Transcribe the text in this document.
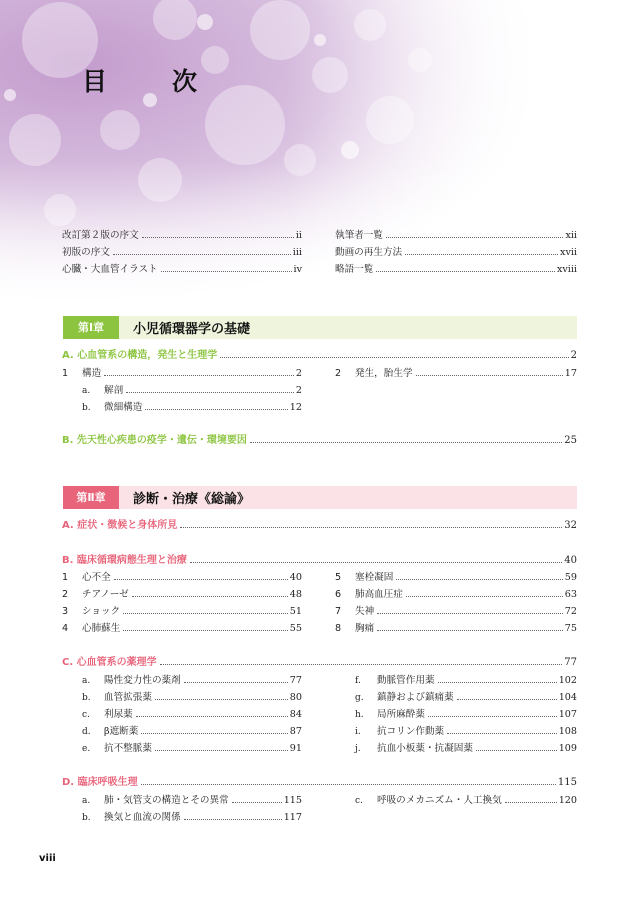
目　次
改訂第２版の序文	ii
初版の序文	iii
心臓・大血管イラスト	iv
執筆者一覧	xii
動画の再生方法	xvii
略語一覧	xviii
第Ⅰ章	小児循環器学の基礎
A. 心血管系の構造，発生と生理学	2
1 構造	2
a. 解剖	2
b. 微細構造	12
2 発生，胎生学	17
B. 先天性心疾患の疫学・遺伝・環境要因	25
第Ⅱ章	診断・治療《総論》
A. 症状・徴候と身体所見	32
B. 臨床循環病態生理と治療	40
1 心不全	40
2 チアノーゼ	48
3 ショック	51
4 心肺蘇生	55
5 塞栓凝固	59
6 肺高血圧症	63
7 失神	72
8 胸痛	75
C. 心血管系の薬理学	77
a. 陽性変力性の薬剤	77
b. 血管拡張薬	80
c. 利尿薬	84
d. β遮断薬	87
e. 抗不整脈薬	91
f. 動脈管作用薬	102
g. 鎮静および鎮痛薬	104
h. 局所麻酔薬	107
i. 抗コリン作動薬	108
j. 抗血小板薬・抗凝固薬	109
D. 臨床呼吸生理	115
a. 肺・気管支の構造とその異常	115
b. 換気と血流の関係	117
c. 呼吸のメカニズム・人工換気	120
viii
